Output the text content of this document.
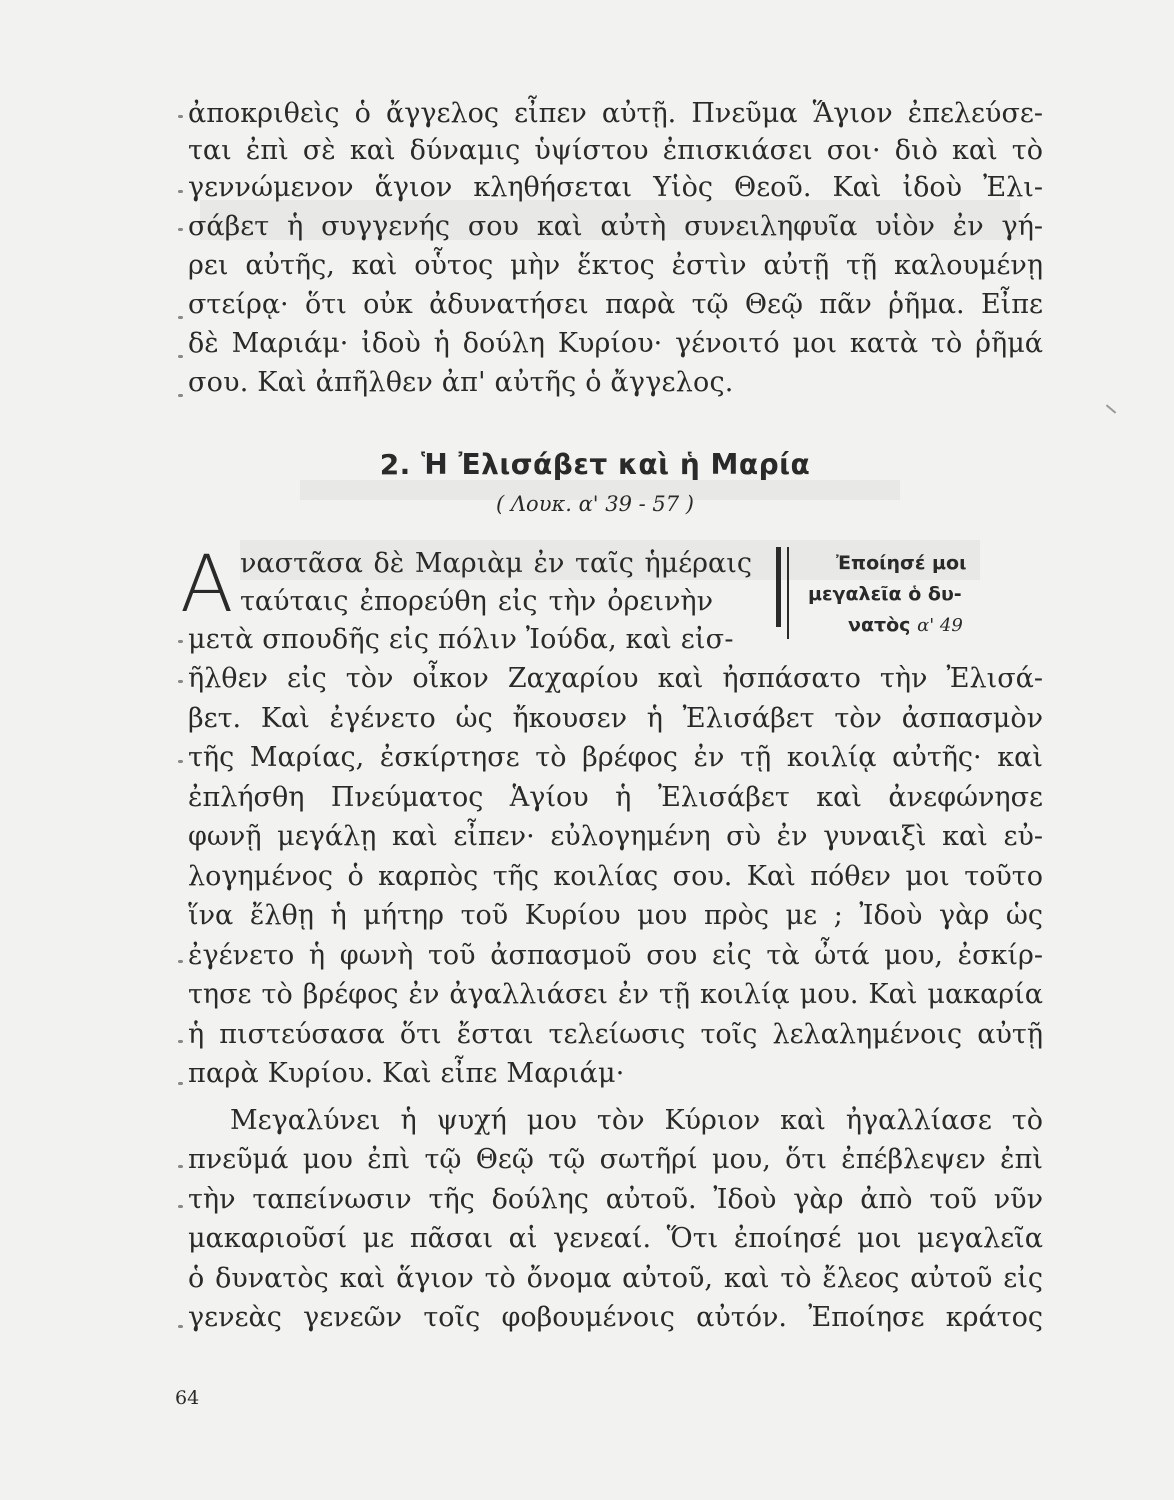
ἀποκριθεὶς ὁ ἄγγελος εἶπεν αὐτῇ. Πνεῦμα Ἅγιον ἐπελεύσε-
ται ἐπὶ σὲ καὶ δύναμις ὑψίστου ἐπισκιάσει σοι· διὸ καὶ τὸ
γεννώμενον ἅγιον κληθήσεται Υἱὸς Θεοῦ. Καὶ ἰδοὺ Ἐλι-
σάβετ ἡ συγγενής σου καὶ αὐτὴ συνειληφυῖα υἱὸν ἐν γή-
ρει αὐτῆς, καὶ οὗτος μὴν ἕκτος ἐστὶν αὐτῇ τῇ καλουμένῃ
στείρᾳ· ὅτι οὐκ ἀδυνατήσει παρὰ τῷ Θεῷ πᾶν ῥῆμα. Εἶπε
δὲ Μαριάμ· ἰδοὺ ἡ δούλη Κυρίου· γένοιτό μοι κατὰ τὸ ῥῆμά
σου. Καὶ ἀπῆλθεν ἀπ' αὐτῆς ὁ ἄγγελος.
2. Ἡ Ἐλισάβετ καὶ ἡ Μαρία
( Λουκ. α' 39 - 57 )
Α ναστᾶσα δὲ Μαριὰμ ἐν ταῖς ἡμέραις
ταύταις ἐπορεύθη εἰς τὴν ὀρεινὴν
μετὰ σπουδῆς εἰς πόλιν Ἰούδα, καὶ εἰσ-
Ἐποίησέ μοι
μεγαλεῖα ὁ δυ-
νατὸς α' 49
ῆλθεν εἰς τὸν οἶκον Ζαχαρίου καὶ ἠσπάσατο τὴν Ἐλισά-
βετ. Καὶ ἐγένετο ὡς ἤκουσεν ἡ Ἐλισάβετ τὸν ἀσπασμὸν
τῆς Μαρίας, ἐσκίρτησε τὸ βρέφος ἐν τῇ κοιλίᾳ αὐτῆς· καὶ
ἐπλήσθη Πνεύματος Ἁγίου ἡ Ἐλισάβετ καὶ ἀνεφώνησε
φωνῇ μεγάλῃ καὶ εἶπεν· εὐλογημένη σὺ ἐν γυναιξὶ καὶ εὐ-
λογημένος ὁ καρπὸς τῆς κοιλίας σου. Καὶ πόθεν μοι τοῦτο
ἵνα ἔλθῃ ἡ μήτηρ τοῦ Κυρίου μου πρὸς με ; Ἰδοὺ γὰρ ὡς
ἐγένετο ἡ φωνὴ τοῦ ἀσπασμοῦ σου εἰς τὰ ὦτά μου, ἐσκίρ-
τησε τὸ βρέφος ἐν ἀγαλλιάσει ἐν τῇ κοιλίᾳ μου. Καὶ μακαρία
ἡ πιστεύσασα ὅτι ἔσται τελείωσις τοῖς λελαλημένοις αὐτῇ
παρὰ Κυρίου. Καὶ εἶπε Μαριάμ·
Μεγαλύνει ἡ ψυχή μου τὸν Κύριον καὶ ἠγαλλίασε τὸ
πνεῦμά μου ἐπὶ τῷ Θεῷ τῷ σωτῆρί μου, ὅτι ἐπέβλεψεν ἐπὶ
τὴν ταπείνωσιν τῆς δούλης αὐτοῦ. Ἰδοὺ γὰρ ἀπὸ τοῦ νῦν
μακαριοῦσί με πᾶσαι αἱ γενεαί. Ὅτι ἐποίησέ μοι μεγαλεῖα
ὁ δυνατὸς καὶ ἅγιον τὸ ὄνομα αὐτοῦ, καὶ τὸ ἔλεος αὐτοῦ εἰς
γενεὰς γενεῶν τοῖς φοβουμένοις αὐτόν. Ἐποίησε κράτος
64
